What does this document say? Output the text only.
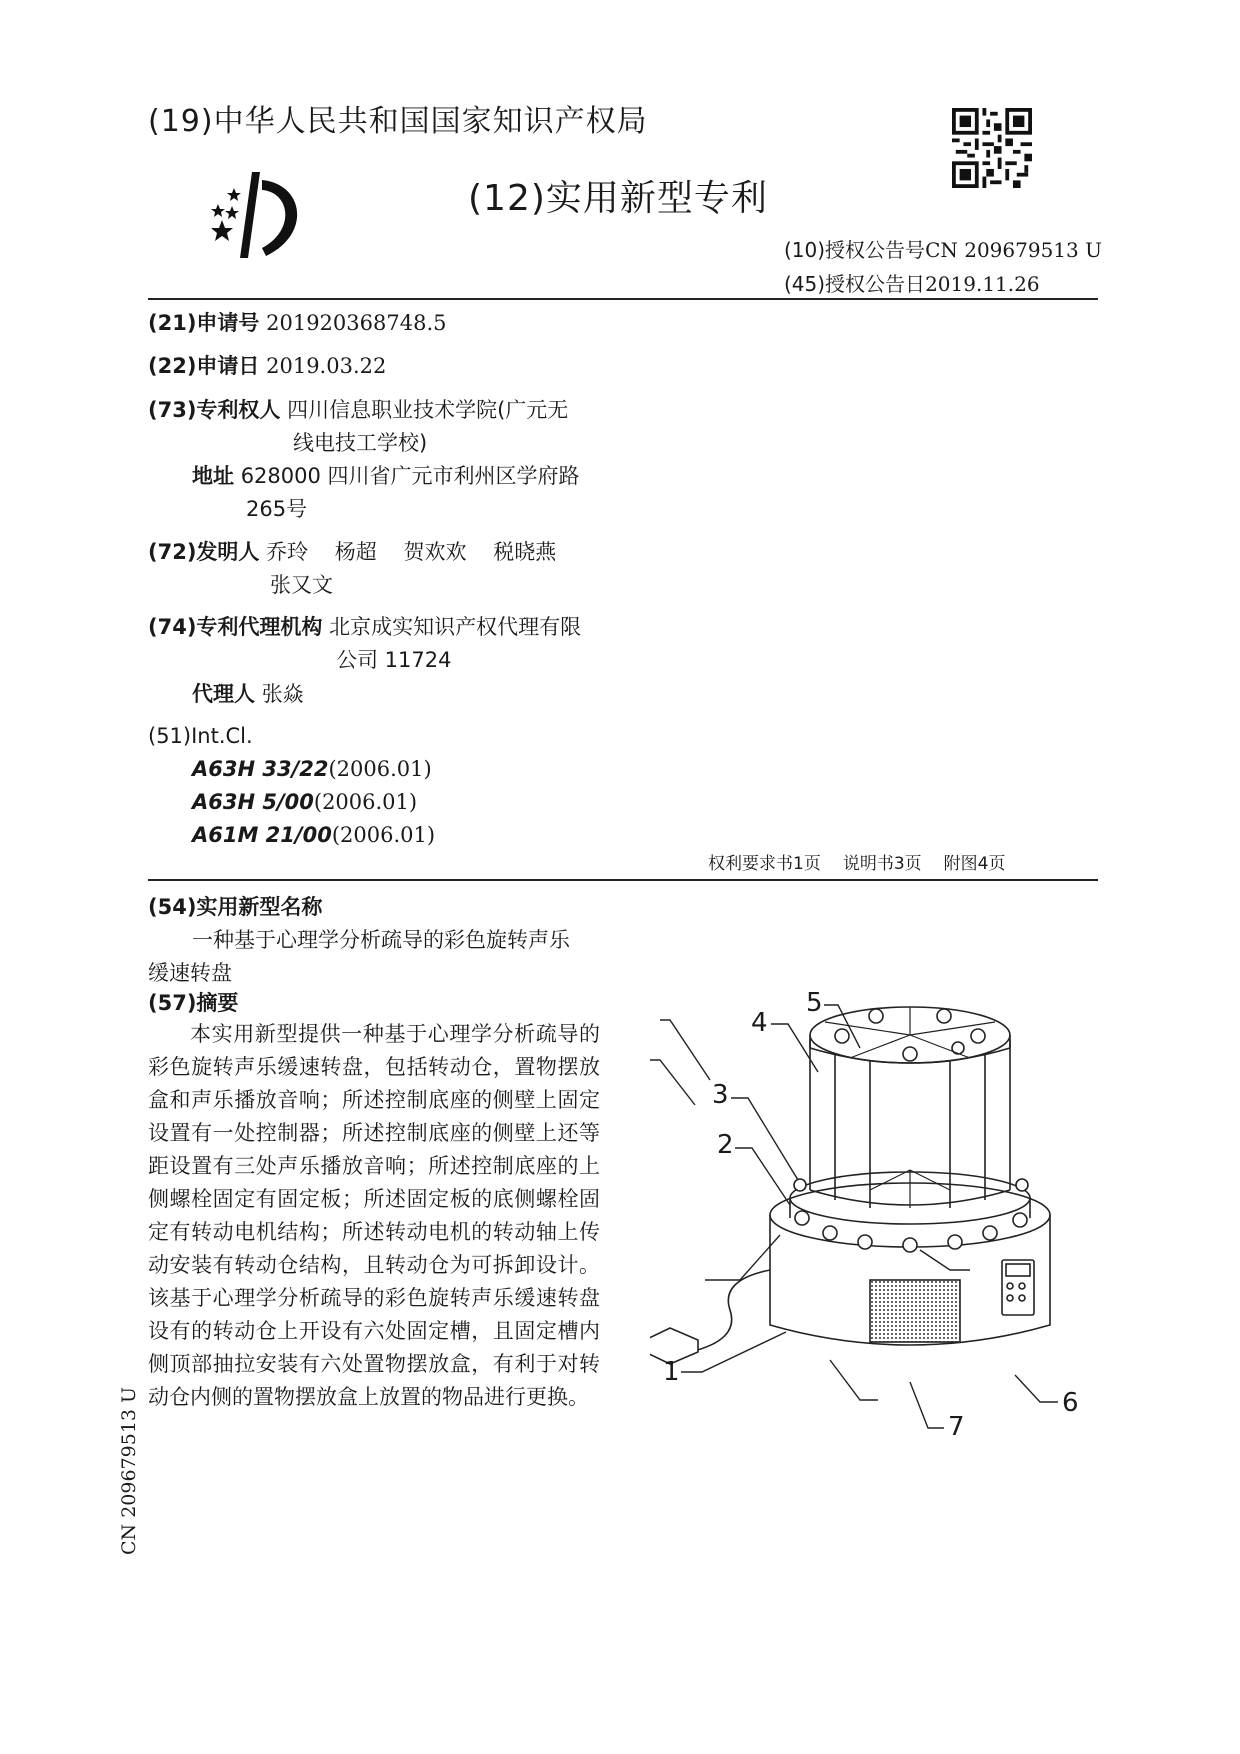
(19)中华人民共和国国家知识产权局
(12)实用新型专利
(10)授权公告号CN 209679513 U
(45)授权公告日2019.11.26
(21)申请号 201920368748.5
(22)申请日 2019.03.22
(73)专利权人 四川信息职业技术学院(广元无
线电技工学校)
地址 628000 四川省广元市利州区学府路
265号
(72)发明人 乔玲    杨超    贺欢欢    税晓燕
张又文
(74)专利代理机构 北京成实知识产权代理有限
公司 11724
代理人 张焱
(51)Int.Cl.
A63H 33/22(2006.01)
A63H 5/00(2006.01)
A61M 21/00(2006.01)
权利要求书1页 说明书3页 附图4页
(54)实用新型名称
一种基于心理学分析疏导的彩色旋转声乐
缓速转盘
(57)摘要
本实用新型提供一种基于心理学分析疏导的彩色旋转声乐缓速转盘，包括转动仓，置物摆放盒和声乐播放音响；所述控制底座的侧壁上固定设置有一处控制器；所述控制底座的侧壁上还等距设置有三处声乐播放音响；所述控制底座的上侧螺栓固定有固定板；所述固定板的底侧螺栓固定有转动电机结构；所述转动电机的转动轴上传动安装有转动仓结构，且转动仓为可拆卸设计。该基于心理学分析疏导的彩色旋转声乐缓速转盘设有的转动仓上开设有六处固定槽，且固定槽内侧顶部抽拉安装有六处置物摆放盒，有利于对转动仓内侧的置物摆放盒上放置的物品进行更换。
CN 209679513 U
1
2
3
4
5
6
7
